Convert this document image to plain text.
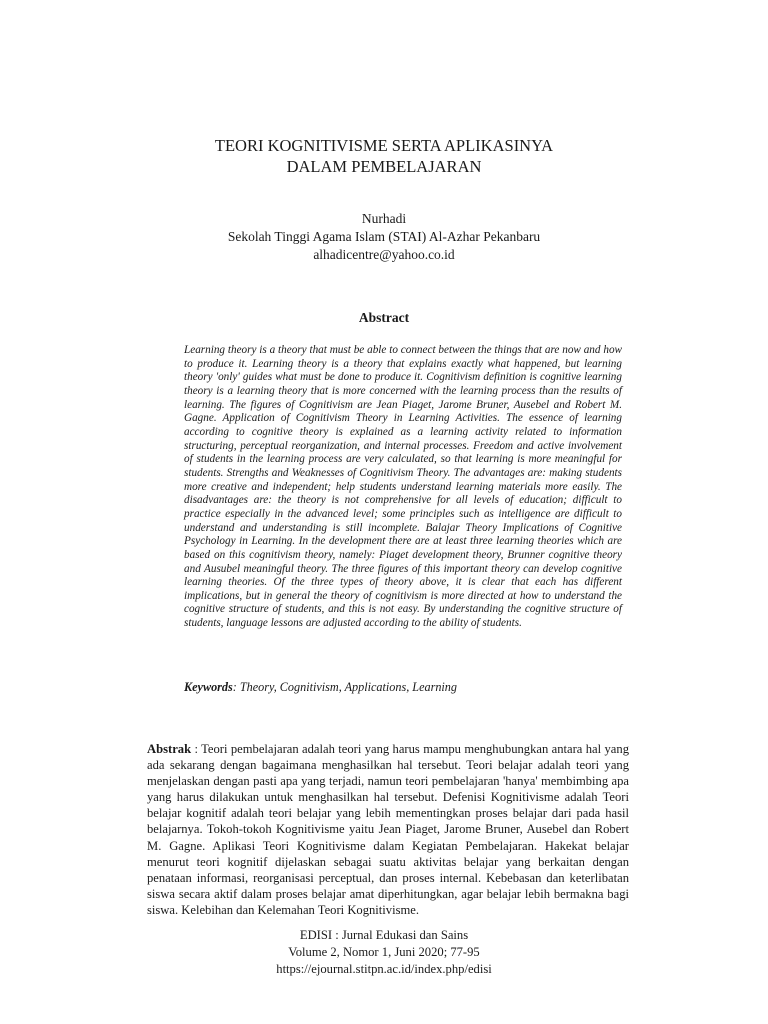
TEORI KOGNITIVISME SERTA APLIKASINYA
DALAM PEMBELAJARAN
Nurhadi
Sekolah Tinggi Agama Islam (STAI) Al-Azhar Pekanbaru
alhadicentre@yahoo.co.id
Abstract
Learning theory is a theory that must be able to connect between the things that are now and how to produce it. Learning theory is a theory that explains exactly what happened, but learning theory 'only' guides what must be done to produce it. Cognitivism definition is cognitive learning theory is a learning theory that is more concerned with the learning process than the results of learning. The figures of Cognitivism are Jean Piaget, Jarome Bruner, Ausebel and Robert M. Gagne. Application of Cognitivism Theory in Learning Activities. The essence of learning according to cognitive theory is explained as a learning activity related to information structuring, perceptual reorganization, and internal processes. Freedom and active involvement of students in the learning process are very calculated, so that learning is more meaningful for students. Strengths and Weaknesses of Cognitivism Theory. The advantages are: making students more creative and independent; help students understand learning materials more easily. The disadvantages are: the theory is not comprehensive for all levels of education; difficult to practice especially in the advanced level; some principles such as intelligence are difficult to understand and understanding is still incomplete. Balajar Theory Implications of Cognitive Psychology in Learning. In the development there are at least three learning theories which are based on this cognitivism theory, namely: Piaget development theory, Brunner cognitive theory and Ausubel meaningful theory. The three figures of this important theory can develop cognitive learning theories. Of the three types of theory above, it is clear that each has different implications, but in general the theory of cognitivism is more directed at how to understand the cognitive structure of students, and this is not easy. By understanding the cognitive structure of students, language lessons are adjusted according to the ability of students.
Keywords: Theory, Cognitivism, Applications, Learning
Abstrak : Teori pembelajaran adalah teori yang harus mampu menghubungkan antara hal yang ada sekarang dengan bagaimana menghasilkan hal tersebut. Teori belajar adalah teori yang menjelaskan dengan pasti apa yang terjadi, namun teori pembelajaran 'hanya' membimbing apa yang harus dilakukan untuk menghasilkan hal tersebut. Defenisi Kognitivisme adalah Teori belajar kognitif adalah teori belajar yang lebih mementingkan proses belajar dari pada hasil belajarnya. Tokoh-tokoh Kognitivisme yaitu Jean Piaget, Jarome Bruner, Ausebel dan Robert M. Gagne. Aplikasi Teori Kognitivisme dalam Kegiatan Pembelajaran. Hakekat belajar menurut teori kognitif dijelaskan sebagai suatu aktivitas belajar yang berkaitan dengan penataan informasi, reorganisasi perceptual, dan proses internal. Kebebasan dan keterlibatan siswa secara aktif dalam proses belajar amat diperhitungkan, agar belajar lebih bermakna bagi siswa. Kelebihan dan Kelemahan Teori Kognitivisme.
EDISI : Jurnal Edukasi dan Sains
Volume 2, Nomor 1, Juni 2020; 77-95
https://ejournal.stitpn.ac.id/index.php/edisi
